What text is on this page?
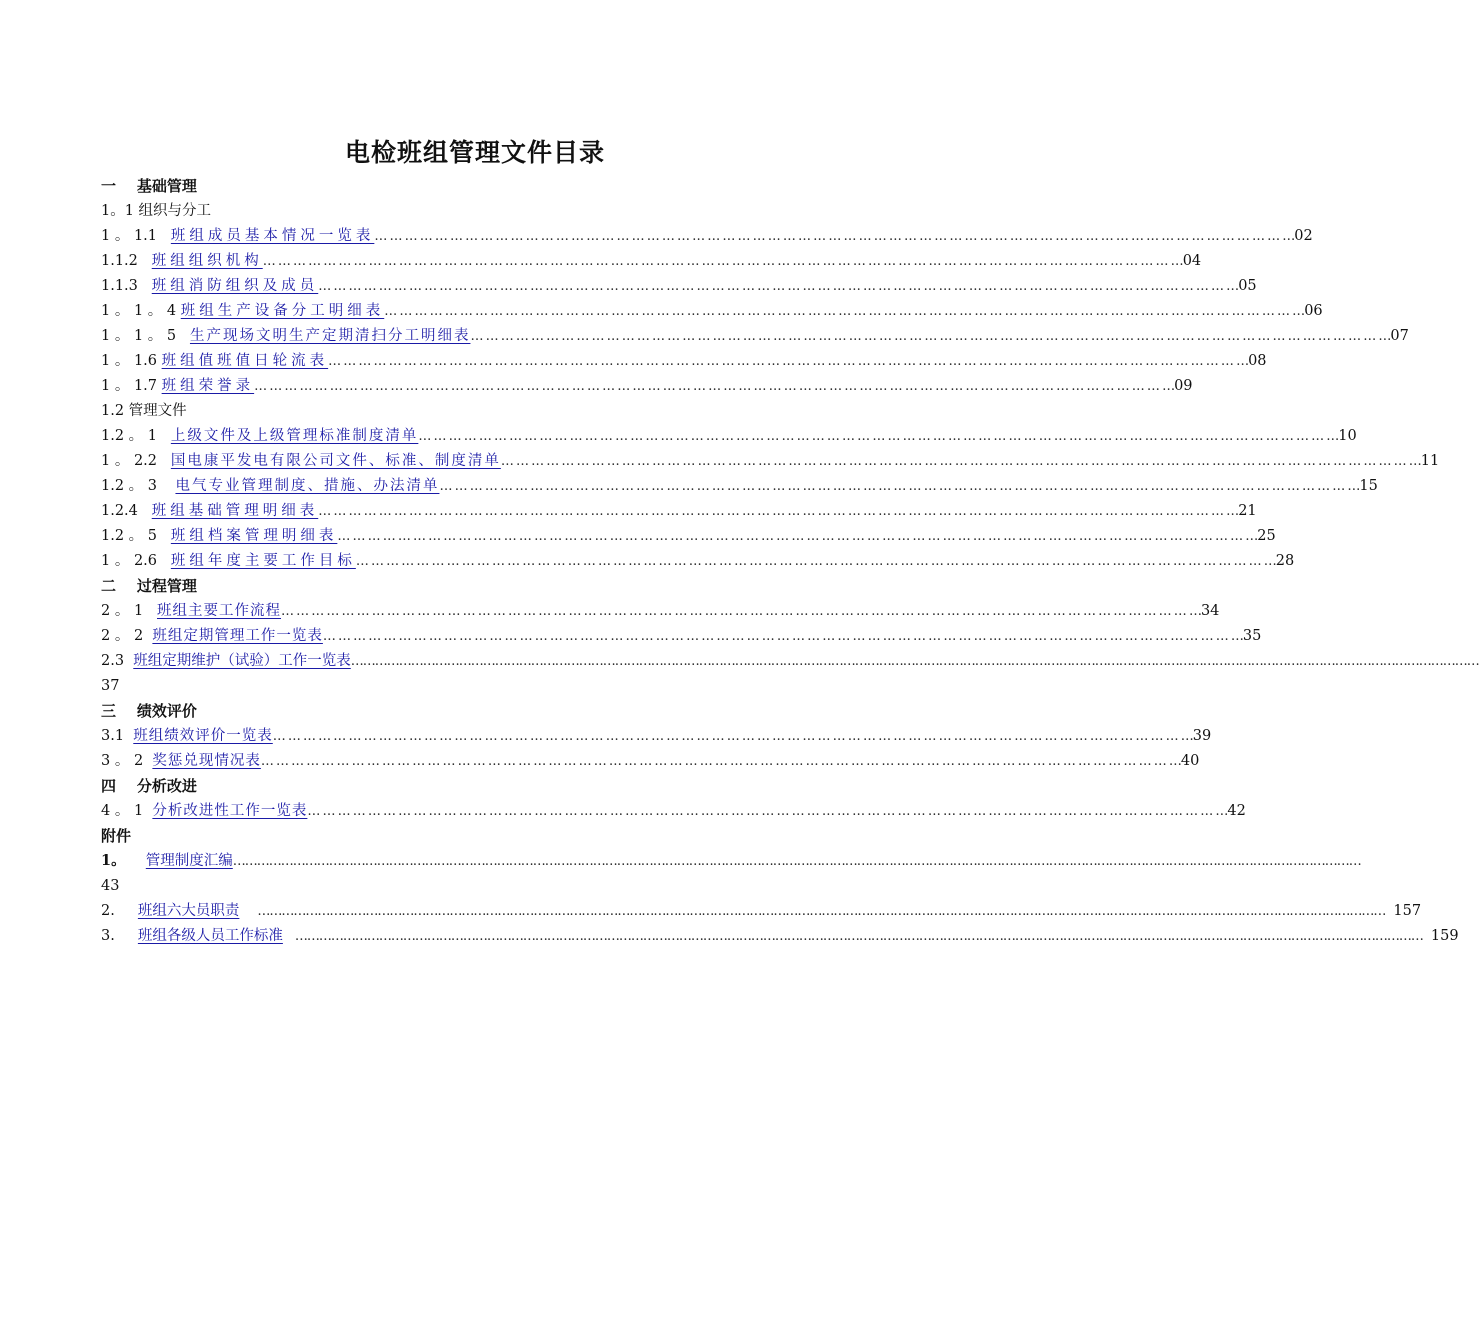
电检班组管理文件目录
一    基础管理
1。1 组织与分工
1 。 1.1 班组成员基本情况一览表 … … … … … … … … … … … … … … … … … … … … … … … … … … … … … … … … … … … … … … … … … … … … … … … … … … … … … … … … … … … … … 02
1.1.2 班组组织机构 … … … … … … … … … … … … … … … … … … … … … … … … … … … … … … … … … … … … … … … … … … … … … … … … … … … … … … … … … … … … … 04
1.1.3 班组消防组织及成员 … … … … … … … … … … … … … … … … … … … … … … … … … … … … … … … … … … … … … … … … … … … … … … … … … … … … … … … … … … … … … 05
1 。 1 。 4 班组生产设备分工明细表 … … … … … … … … … … … … … … … … … … … … … … … … … … … … … … … … … … … … … … … … … … … … … … … … … … … … … … … … … … … … … 06
1 。 1 。 5 生产现场文明生产定期清扫分工明细表 … … … … … … … … … … … … … … … … … … … … … … … … … … … … … … … … … … … … … … … … … … … … … … … … … … … … … … … … … … … … … 07
1 。 1.6 班组值班值日轮流表 … … … … … … … … … … … … … … … … … … … … … … … … … … … … … … … … … … … … … … … … … … … … … … … … … … … … … … … … … … … … … 08
1 。 1.7 班组荣誉录 … … … … … … … … … … … … … … … … … … … … … … … … … … … … … … … … … … … … … … … … … … … … … … … … … … … … … … … … … … … … … 09
1.2 管理文件
1.2 。 1 上级文件及上级管理标准制度清单 … … … … … … … … … … … … … … … … … … … … … … … … … … … … … … … … … … … … … … … … … … … … … … … … … … … … … … … … … … … … … 10
1 。 2.2 国电康平发电有限公司文件、标准、制度清单 … … … … … … … … … … … … … … … … … … … … … … … … … … … … … … … … … … … … … … … … … … … … … … … … … … … … … … … … … … … … … 11
1.2 。 3 电气专业管理制度、措施、办法清单 … … … … … … … … … … … … … … … … … … … … … … … … … … … … … … … … … … … … … … … … … … … … … … … … … … … … … … … … … … … … … 15
1.2.4 班组基础管理明细表 … … … … … … … … … … … … … … … … … … … … … … … … … … … … … … … … … … … … … … … … … … … … … … … … … … … … … … … … … … … … … 21
1.2 。 5 班组档案管理明细表 … … … … … … … … … … … … … … … … … … … … … … … … … … … … … … … … … … … … … … … … … … … … … … … … … … … … … … … … … … … … … 25
1 。 2.6 班组年度主要工作目标 … … … … … … … … … … … … … … … … … … … … … … … … … … … … … … … … … … … … … … … … … … … … … … … … … … … … … … … … … … … … … 28
二    过程管理
2 。 1 班组主要工作流程 … … … … … … … … … … … … … … … … … … … … … … … … … … … … … … … … … … … … … … … … … … … … … … … … … … … … … … … … … … … … … 34
2 。 2 班组定期管理工作一览表 … … … … … … … … … … … … … … … … … … … … … … … … … … … … … … … … … … … … … … … … … … … … … … … … … … … … … … … … … … … … … 35
2.3 班组定期维护（试验）工作一览表 …………………………………………………………………………………………………………………………………………………………………………………………………………………………………………………………
37
三    绩效评价
3.1 班组绩效评价一览表 … … … … … … … … … … … … … … … … … … … … … … … … … … … … … … … … … … … … … … … … … … … … … … … … … … … … … … … … … … … … … 39
3 。 2 奖惩兑现情况表 … … … … … … … … … … … … … … … … … … … … … … … … … … … … … … … … … … … … … … … … … … … … … … … … … … … … … … … … … … … … … 40
四    分析改进
4 。 1 分析改进性工作一览表 … … … … … … … … … … … … … … … … … … … … … … … … … … … … … … … … … … … … … … … … … … … … … … … … … … … … … … … … … … … … … 42
附件
1。 管理制度汇编 …………………………………………………………………………………………………………………………………………………………………………………………………………………………………………………………
43
2. 班组六大员职责	………………………………………………………………………………………………………………………………………………………………………………………………………………………………………………………… 157
3. 班组各级人员工作标准 ………………………………………………………………………………………………………………………………………………………………………………………………………………………………………………………… 159
